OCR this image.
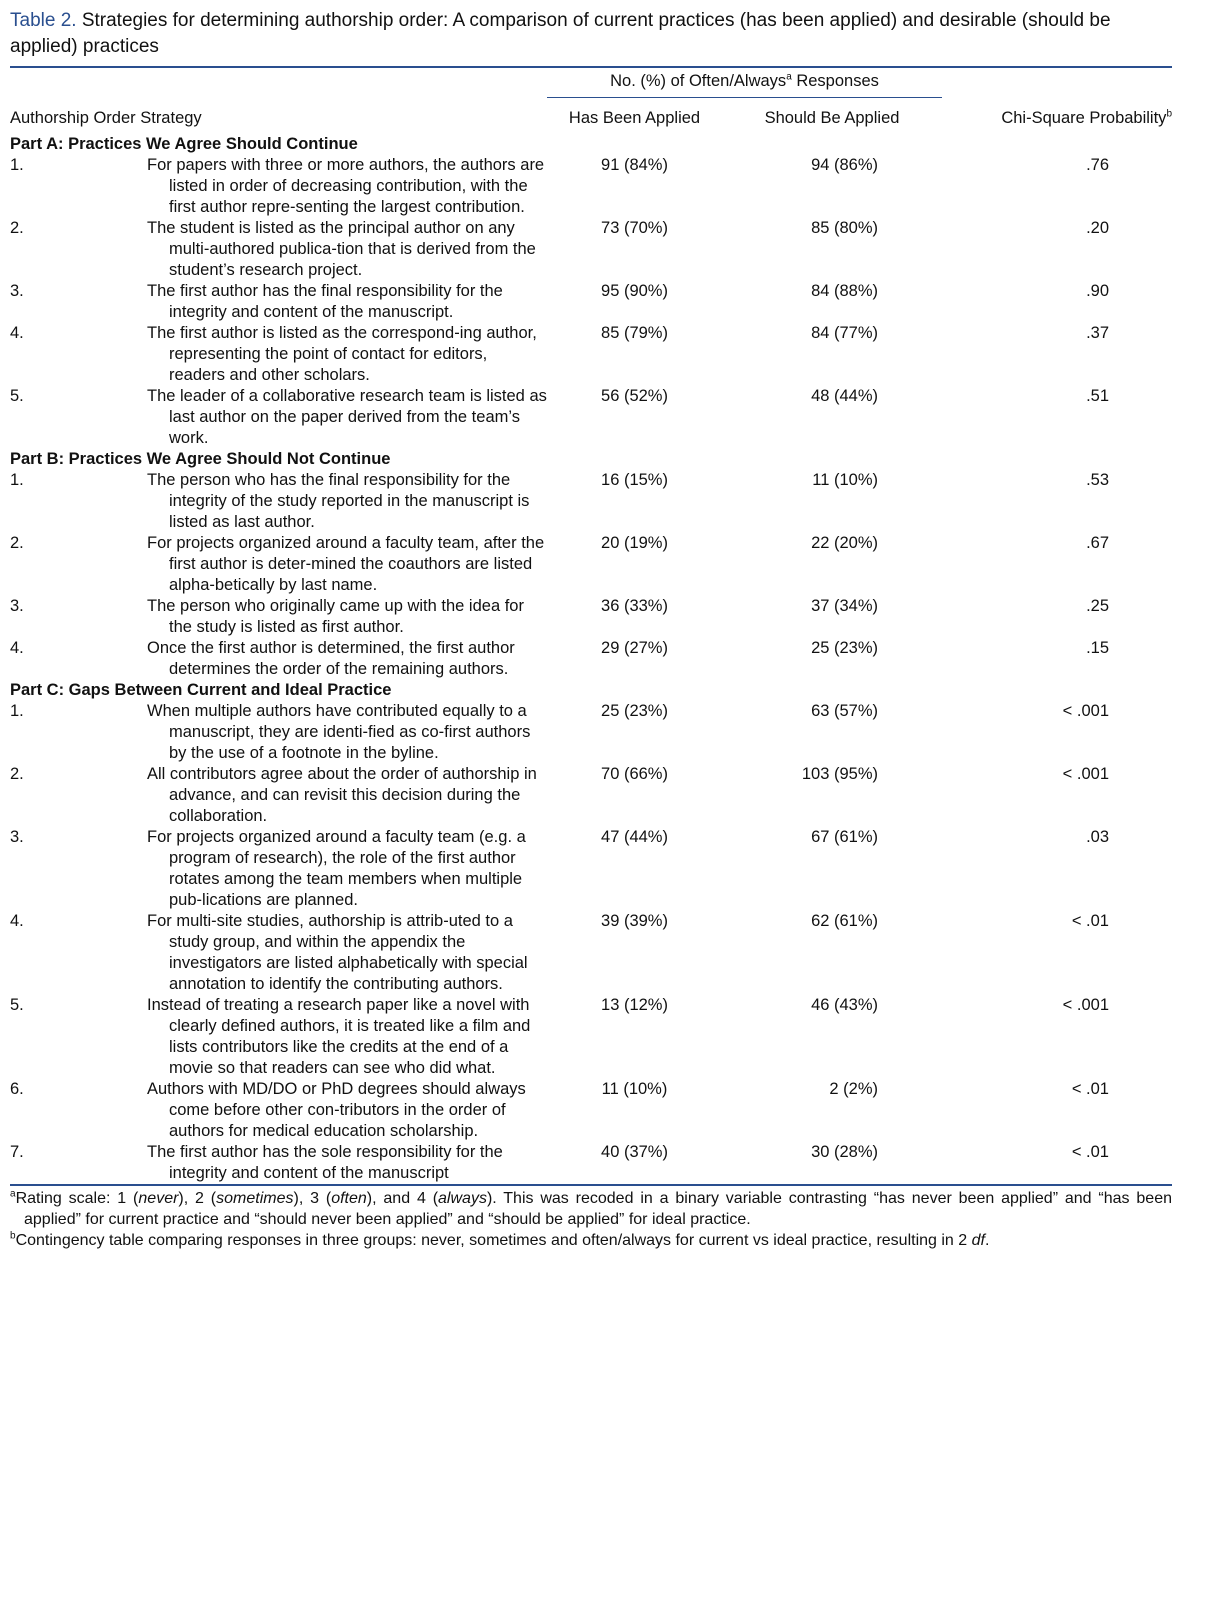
Table 2. Strategies for determining authorship order: A comparison of current practices (has been applied) and desirable (should be applied) practices

		No. (%) of Often/Always$^a$ Responses		
Authorship Order Strategy		Has Been Applied	Should Be Applied	Chi-Square Probability$^b$
Part A: Practices We Agree Should Continue				
1.	For papers with three or more authors, the authors are listed in order of decreasing contribution, with the first author repre-senting the largest contribution.	91 (84%)	94 (86%)	.76
2.	The student is listed as the principal author on any multi-authored publica-tion that is derived from the student’s research project.	73 (70%)	85 (80%)	.20
3.	The first author has the final responsibility for the integrity and content of the manuscript.	95 (90%)	84 (88%)	.90
4.	The first author is listed as the correspond-ing author, representing the point of contact for editors, readers and other scholars.	85 (79%)	84 (77%)	.37
5.	The leader of a collaborative research team is listed as last author on the paper derived from the team’s work.	56 (52%)	48 (44%)	.51
Part B: Practices We Agree Should Not Continue				
1.	The person who has the final responsibility for the integrity of the study reported in the manuscript is listed as last author.	16 (15%)	11 (10%)	.53
2.	For projects organized around a faculty team, after the first author is deter-mined the coauthors are listed alpha-betically by last name.	20 (19%)	22 (20%)	.67
3.	The person who originally came up with the idea for the study is listed as first author.	36 (33%)	37 (34%)	.25
4.	Once the first author is determined, the first author determines the order of the remaining authors.	29 (27%)	25 (23%)	.15
Part C: Gaps Between Current and Ideal Practice				
1.	When multiple authors have contributed equally to a manuscript, they are identi-fied as co-first authors by the use of a footnote in the byline.	25 (23%)	63 (57%)	< .001
2.	All contributors agree about the order of authorship in advance, and can revisit this decision during the collaboration.	70 (66%)	103 (95%)	< .001
3.	For projects organized around a faculty team (e.g. a program of research), the role of the first author rotates among the team members when multiple pub-lications are planned.	47 (44%)	67 (61%)	.03
4.	For multi-site studies, authorship is attrib-uted to a study group, and within the appendix the investigators are listed alphabetically with special annotation to identify the contributing authors.	39 (39%)	62 (61%)	< .01
5.	Instead of treating a research paper like a novel with clearly defined authors, it is treated like a film and lists contributors like the credits at the end of a movie so that readers can see who did what.	13 (12%)	46 (43%)	< .001
6.	Authors with MD/DO or PhD degrees should always come before other con-tributors in the order of authors for medical education scholarship.	11 (10%)	2 (2%)	< .01
7.	The first author has the sole responsibility for the integrity and content of the manuscript	40 (37%)	30 (28%)	< .01

$^a$Rating scale: 1 (never), 2 (sometimes), 3 (often), and 4 (always). This was recoded in a binary variable contrasting “has never been applied” and “has been applied” for current practice and “should never been applied” and “should be applied” for ideal practice.

$^b$Contingency table comparing responses in three groups: never, sometimes and often/always for current vs ideal practice, resulting in 2 df.
